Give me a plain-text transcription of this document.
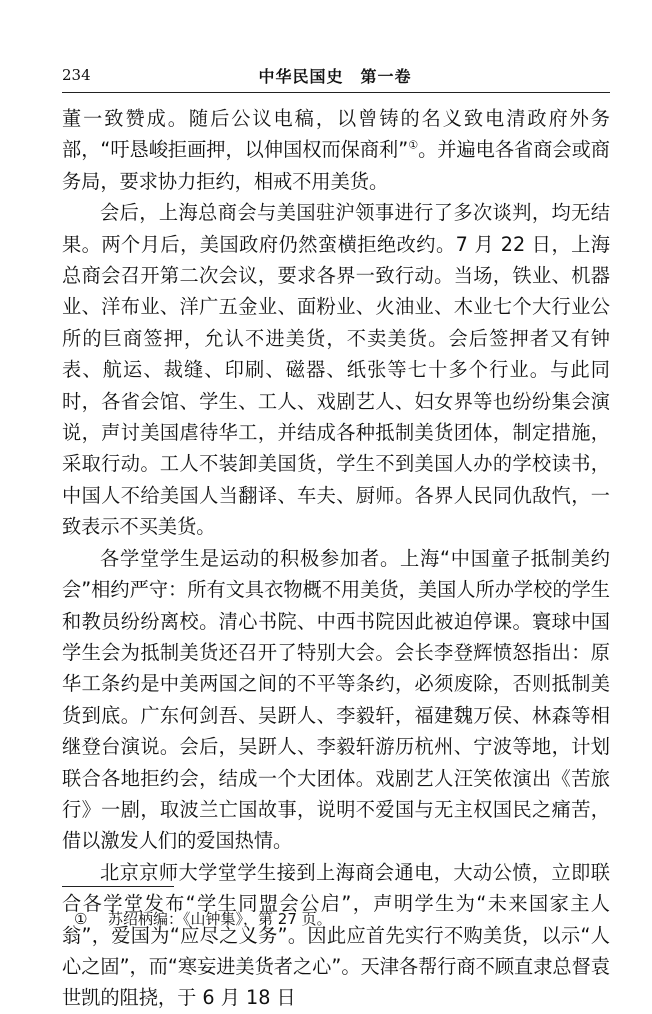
234	中华民国史　第一卷

董一致赞成。随后公议电稿，以曾铸的名义致电清政府外务部，“吁恳峻拒画押，以伸国权而保商利”①。并遍电各省商会或商务局，要求协力拒约，相戒不用美货。

会后，上海总商会与美国驻沪领事进行了多次谈判，均无结果。两个月后，美国政府仍然蛮横拒绝改约。7 月 22 日，上海总商会召开第二次会议，要求各界一致行动。当场，铁业、机器业、洋布业、洋广五金业、面粉业、火油业、木业七个大行业公所的巨商签押，允认不进美货，不卖美货。会后签押者又有钟表、航运、裁缝、印刷、磁器、纸张等七十多个行业。与此同时，各省会馆、学生、工人、戏剧艺人、妇女界等也纷纷集会演说，声讨美国虐待华工，并结成各种抵制美货团体，制定措施，采取行动。工人不装卸美国货，学生不到美国人办的学校读书，中国人不给美国人当翻译、车夫、厨师。各界人民同仇敌忾，一致表示不买美货。

各学堂学生是运动的积极参加者。上海“中国童子抵制美约会”相约严守：所有文具衣物概不用美货，美国人所办学校的学生和教员纷纷离校。清心书院、中西书院因此被迫停课。寰球中国学生会为抵制美货还召开了特别大会。会长李登辉愤怒指出：原华工条约是中美两国之间的不平等条约，必须废除，否则抵制美货到底。广东何剑吾、吴趼人、李毅轩，福建魏万侯、林森等相继登台演说。会后，吴趼人、李毅轩游历杭州、宁波等地，计划联合各地拒约会，结成一个大团体。戏剧艺人汪笑侬演出《苦旅行》一剧，取波兰亡国故事，说明不爱国与无主权国民之痛苦，借以激发人们的爱国热情。

北京京师大学堂学生接到上海商会通电，大动公愤，立即联合各学堂发布“学生同盟会公启”，声明学生为“未来国家主人翁”，爱国为“应尽之义务”。因此应首先实行不购美货，以示“人心之固”，而“寒妄进美货者之心”。天津各帮行商不顾直隶总督袁世凯的阻挠，于 6 月 18 日

① 苏绍柄编：《山钟集》，第 27 页。
